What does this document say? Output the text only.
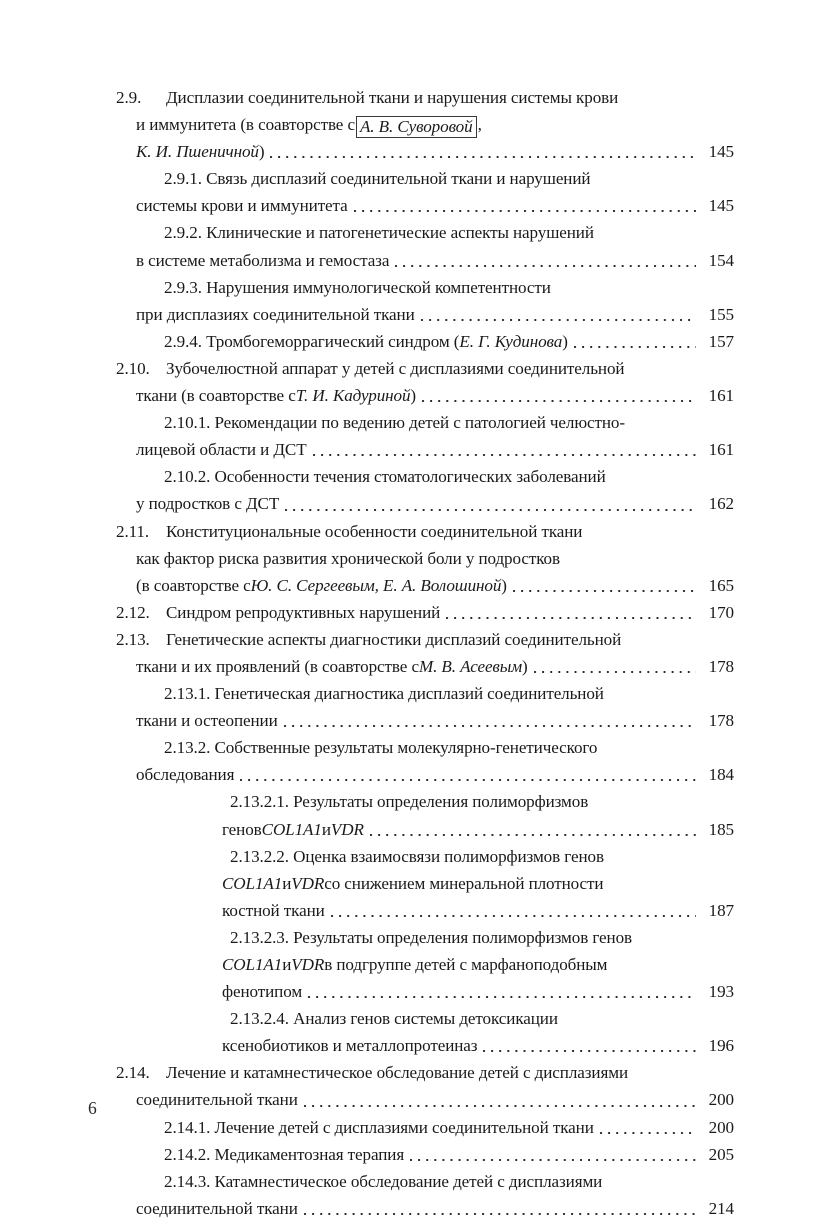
2.9.	Дисплазии соединительной ткани и нарушения системы крови
и иммунитета (в соавторстве с А. В. Суворовой ,
К. И. Пшеничной )	145
2.9.1.
Связь дисплазий соединительной ткани и нарушений
системы крови и иммунитета	145
2.9.2.
Клинические и патогенетические аспекты нарушений
в системе метаболизма и гемостаза	154
2.9.3.
Нарушения иммунологической компетентности
при дисплазиях соединительной ткани	155
2.9.4.
Тромбогеморрагический синдром ( Е. Г. Кудинова )	157
2.10. Зубочелюстной аппарат у детей с дисплазиями соединительной
ткани (в соавторстве с Т. И. Кадуриной )	161
2.10.1.
Рекомендации по ведению детей с патологией челюстно-
лицевой области и ДСТ	161
2.10.2.
Особенности течения стоматологических заболеваний
у подростков с ДСТ	162
2.11. Конституциональные особенности соединительной ткани
как фактор риска развития хронической боли у подростков
(в соавторстве с Ю. С. Сергеевым, Е. А. Волошиной )	165
2.12. Синдром репродуктивных нарушений	170
2.13. Генетические аспекты диагностики дисплазий соединительной
ткани и их проявлений (в соавторстве с М. В. Асеевым )	178
2.13.1.
Генетическая диагностика дисплазий соединительной
ткани и остеопении	178
2.13.2.
Собственные результаты молекулярно-генетического
обследования	184
2.13.2.1.
Результаты определения полиморфизмов
генов COL1A1 и VDR	185
2.13.2.2.
Оценка взаимосвязи полиморфизмов генов
COL1A1 и VDR со снижением минеральной плотности
костной ткани	187
2.13.2.3.
Результаты определения полиморфизмов генов
COL1A1 и VDR в подгруппе детей с марфаноподобным
фенотипом	193
2.13.2.4.
Анализ генов системы детоксикации
ксенобиотиков и металлопротеиназ	196
2.14. Лечение и катамнестическое обследование детей с дисплазиями
соединительной ткани	200
2.14.1.
Лечение детей с дисплазиями соединительной ткани	200
2.14.2.
Медикаментозная терапия	205
2.14.3.
Катамнестическое обследование детей с дисплазиями
соединительной ткани	214
6
